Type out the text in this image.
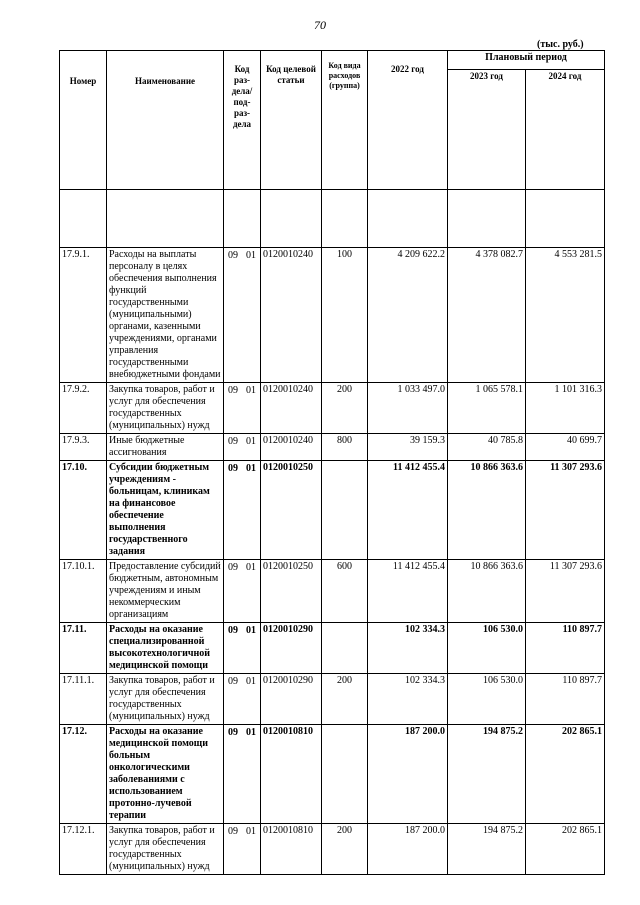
70
(тыс. руб.)
Номер	Наименование	Код раз-дела/ под-раз-дела	Код целевой статьи	Код вида расходов (группа)	2022 год	Плановый период	
						2023 год	2024 год

17.9.1.	Расходы на выплаты персоналу в целях обеспечения выполнения функций государственными (муниципальными) органами, казенными учреждениями, органами управления государственными внебюджетными фондами	09 01	0120010240	100	4 209 622.2	4 378 082.7	4 553 281.5
17.9.2.	Закупка товаров, работ и услуг для обеспечения государственных (муниципальных) нужд	09 01	0120010240	200	1 033 497.0	1 065 578.1	1 101 316.3
17.9.3.	Иные бюджетные ассигнования	09 01	0120010240	800	39 159.3	40 785.8	40 699.7
17.10.	Субсидии бюджетным учреждениям - больницам, клиникам на финансовое обеспечение выполнения государственного задания	09 01	0120010250		11 412 455.4	10 866 363.6	11 307 293.6
17.10.1.	Предоставление субсидий бюджетным, автономным учреждениям и иным некоммерческим организациям	09 01	0120010250	600	11 412 455.4	10 866 363.6	11 307 293.6
17.11.	Расходы на оказание специализированной высокотехнологичной медицинской помощи	09 01	0120010290		102 334.3	106 530.0	110 897.7
17.11.1.	Закупка товаров, работ и услуг для обеспечения государственных (муниципальных) нужд	09 01	0120010290	200	102 334.3	106 530.0	110 897.7
17.12.	Расходы на оказание медицинской помощи больным онкологическими заболеваниями с использованием протонно-лучевой терапии	09 01	0120010810		187 200.0	194 875.2	202 865.1
17.12.1.	Закупка товаров, работ и услуг для обеспечения государственных (муниципальных) нужд	09 01	0120010810	200	187 200.0	194 875.2	202 865.1
